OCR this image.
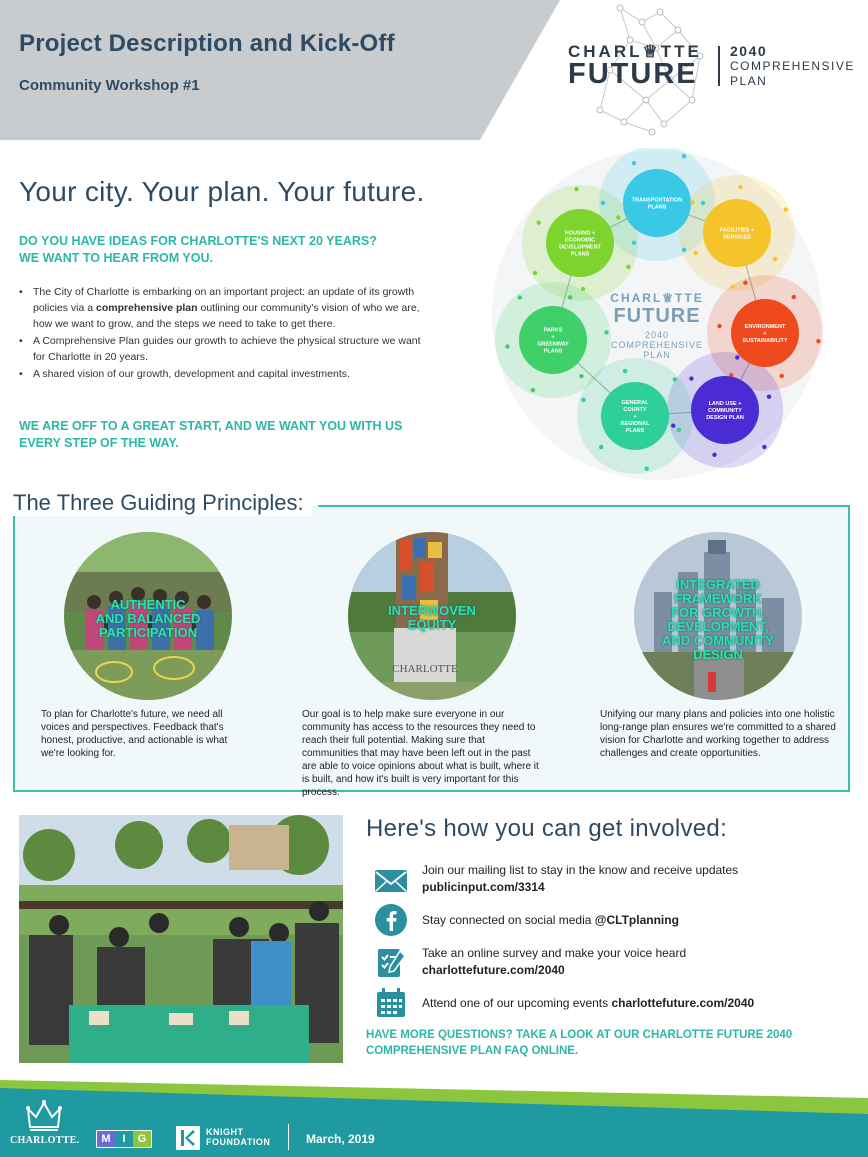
Project Description and Kick-Off
Community Workshop #1
CHARL♕TTE
FUTURE
2040
COMPREHENSIVE
PLAN
Your city. Your plan. Your future.
DO YOU HAVE IDEAS FOR CHARLOTTE'S NEXT 20 YEARS?
WE WANT TO HEAR FROM YOU.
• The City of Charlotte is embarking on an important project: an update of its growth policies via a comprehensive plan outlining our community's vision of who we are, how we want to grow, and the steps we need to take to get there.
• A Comprehensive Plan guides our growth to achieve the physical structure we want for Charlotte in 20 years.
• A shared vision of our growth, development and capital investments.
WE ARE OFF TO A GREAT START, AND WE WANT YOU WITH US
EVERY STEP OF THE WAY.
TRANSPORTATION
PLANS
FACILITIES +
SERVICES
ENVIRONMENT
+
SUSTAINABILITY
LAND USE +
COMMUNITY
DESIGN PLAN
GENERAL
COUNTY
+
REGIONAL
PLANS
PARKS
+
GREENWAY
PLANS
HOUSING +
ECONOMIC
DEVELOPMENT
PLANS
CHARL♕TTE
FUTURE
2040
COMPREHENSIVE
PLAN
The Three Guiding Principles:
AUTHENTIC
AND BALANCED
PARTICIPATION
To plan for Charlotte's future, we need all voices and perspectives. Feedback that's honest, productive, and actionable is what we're looking for.
CHARLOTTE
INTERWOVEN
EQUITY
Our goal is to help make sure everyone in our community has access to the resources they need to reach their full potential. Making sure that communities that may have been left out in the past are able to voice opinions about what is built, where it is built, and how it's built is very important for this process.
INTEGRATED
FRAMEWORK
FOR GROWTH,
DEVELOPMENT,
AND COMMUNITY
DESIGN
Unifying our many plans and policies into one holistic long-range plan ensures we're committed to a shared vision for Charlotte and working together to address challenges and create opportunities.
Here's how you can get involved:
Join our mailing list to stay in the know and receive updates
publicinput.com/3314
Stay connected on social media @CLTplanning
Take an online survey and make your voice heard
charlottefuture.com/2040
Attend one of our upcoming events charlottefuture.com/2040
HAVE MORE QUESTIONS? TAKE A LOOK AT OUR CHARLOTTE FUTURE 2040
COMPREHENSIVE PLAN FAQ ONLINE.
CHARLOTTE.	M	I	G
KNIGHT
FOUNDATION	March, 2019
